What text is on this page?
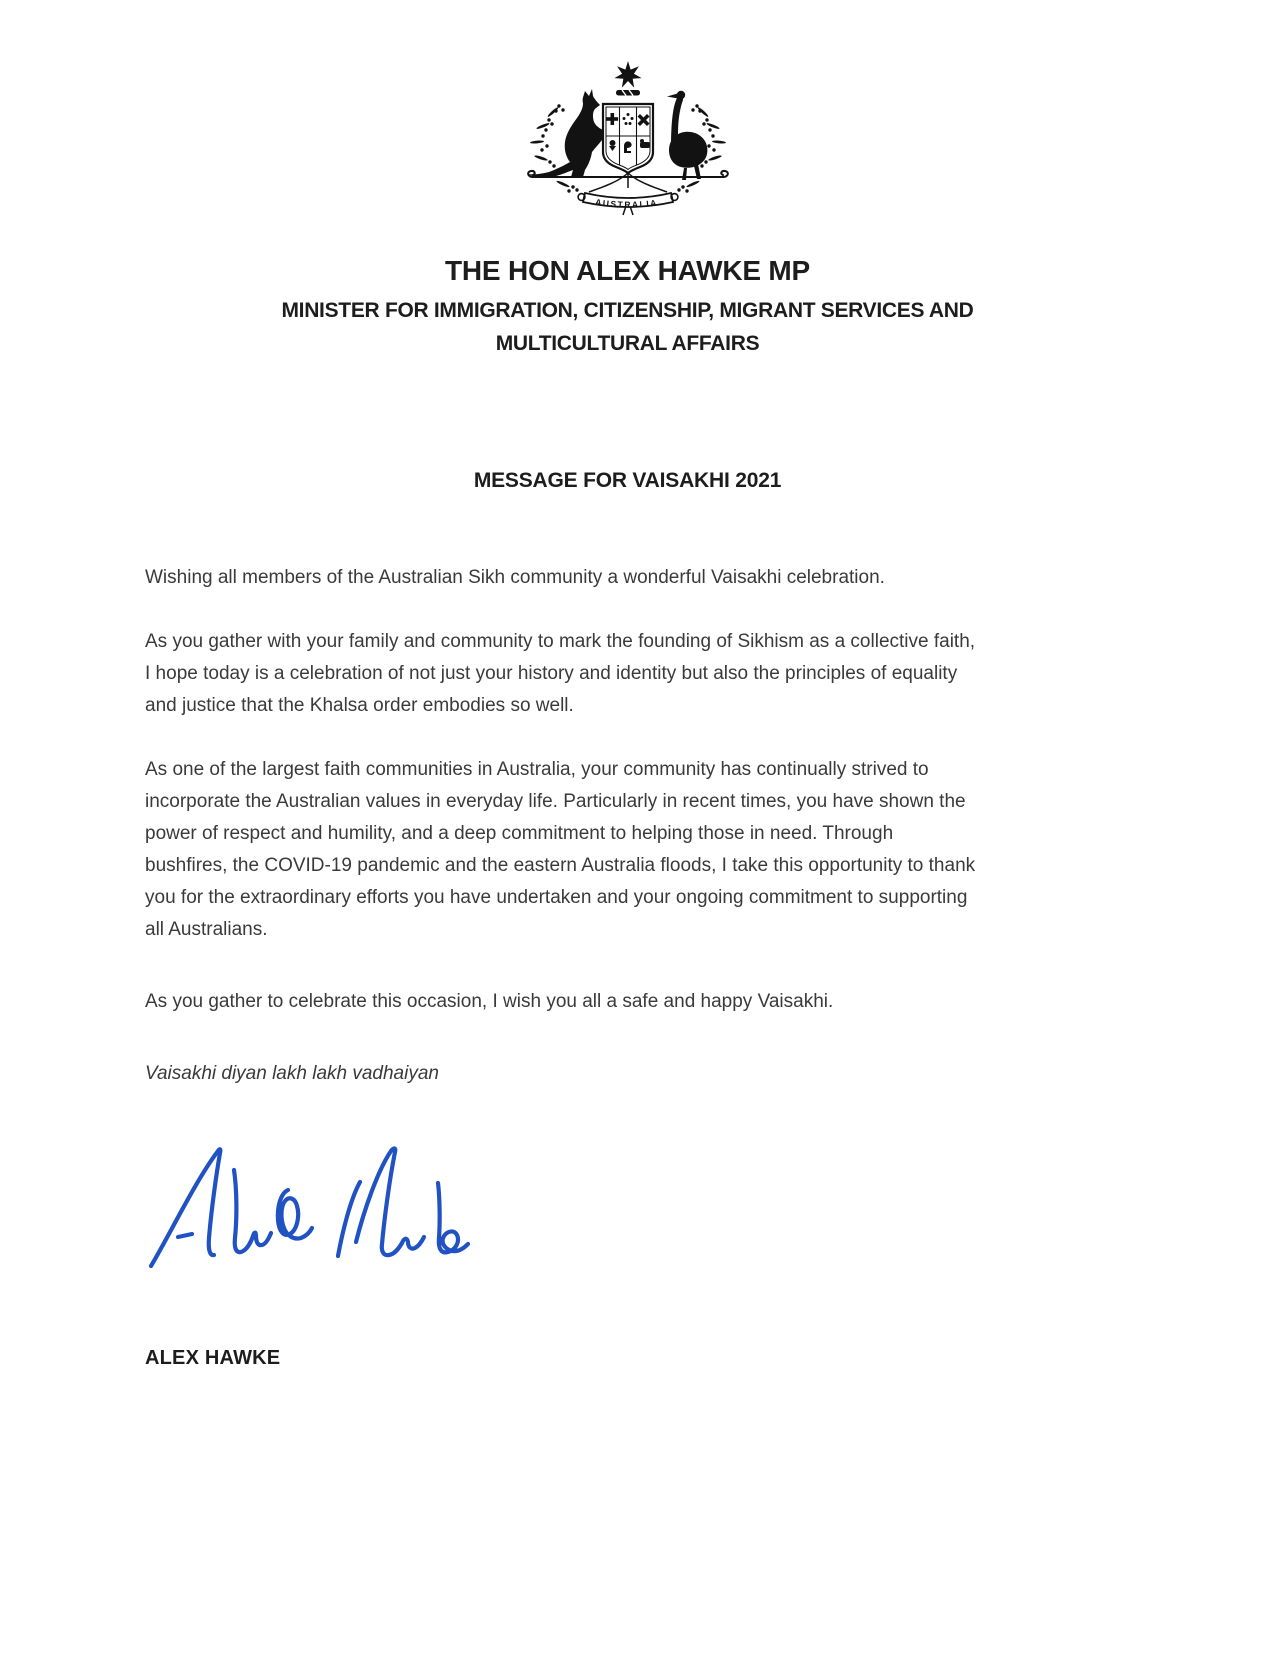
AUSTRALIA
THE HON ALEX HAWKE MP
MINISTER FOR IMMIGRATION, CITIZENSHIP, MIGRANT SERVICES AND
MULTICULTURAL AFFAIRS
MESSAGE FOR VAISAKHI 2021
Wishing all members of the Australian Sikh community a wonderful Vaisakhi celebration.
As you gather with your family and community to mark the founding of Sikhism as a collective faith,
I hope today is a celebration of not just your history and identity but also the principles of equality
and justice that the Khalsa order embodies so well.
As one of the largest faith communities in Australia, your community has continually strived to
incorporate the Australian values in everyday life. Particularly in recent times, you have shown the
power of respect and humility, and a deep commitment to helping those in need. Through
bushfires, the COVID-19 pandemic and the eastern Australia floods, I take this opportunity to thank
you for the extraordinary efforts you have undertaken and your ongoing commitment to supporting
all Australians.
As you gather to celebrate this occasion, I wish you all a safe and happy Vaisakhi.
Vaisakhi diyan lakh lakh vadhaiyan
ALEX HAWKE
